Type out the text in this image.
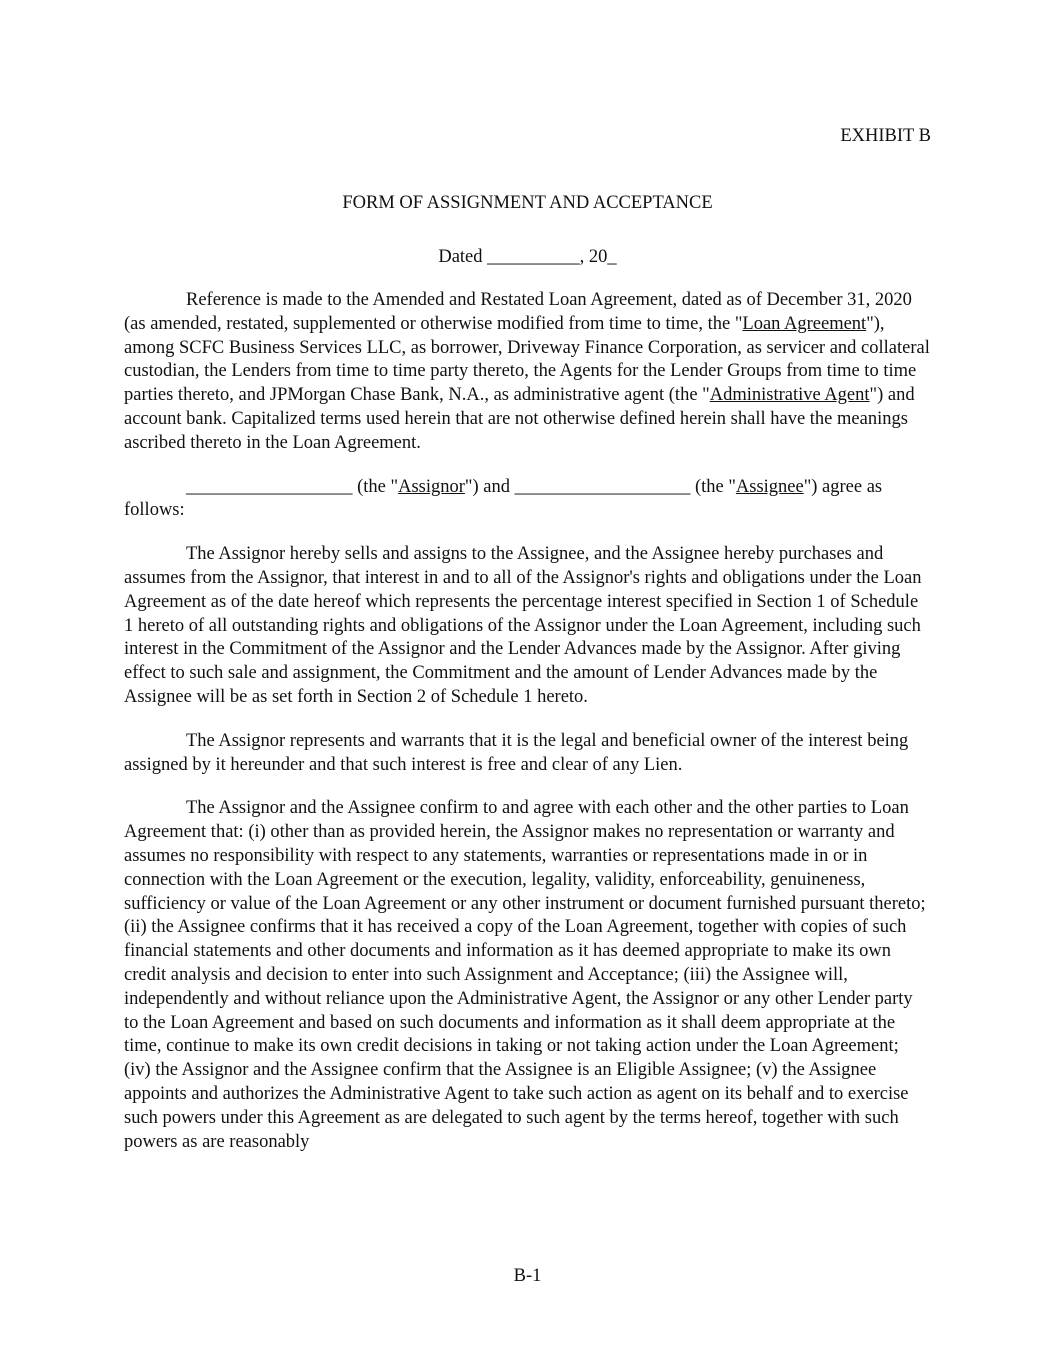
EXHIBIT B

FORM OF ASSIGNMENT AND ACCEPTANCE

Dated __________, 20_

Reference is made to the Amended and Restated Loan Agreement, dated as of December 31, 2020 (as amended, restated, supplemented or otherwise modified from time to time, the "Loan Agreement"), among SCFC Business Services LLC, as borrower, Driveway Finance Corporation, as servicer and collateral custodian, the Lenders from time to time party thereto, the Agents for the Lender Groups from time to time parties thereto, and JPMorgan Chase Bank, N.A., as administrative agent (the "Administrative Agent") and account bank. Capitalized terms used herein that are not otherwise defined herein shall have the meanings ascribed thereto in the Loan Agreement.

__________________ (the "Assignor") and ___________________ (the "Assignee") agree as follows:

The Assignor hereby sells and assigns to the Assignee, and the Assignee hereby purchases and assumes from the Assignor, that interest in and to all of the Assignor's rights and obligations under the Loan Agreement as of the date hereof which represents the percentage interest specified in Section 1 of Schedule 1 hereto of all outstanding rights and obligations of the Assignor under the Loan Agreement, including such interest in the Commitment of the Assignor and the Lender Advances made by the Assignor. After giving effect to such sale and assignment, the Commitment and the amount of Lender Advances made by the Assignee will be as set forth in Section 2 of Schedule 1 hereto.

The Assignor represents and warrants that it is the legal and beneficial owner of the interest being assigned by it hereunder and that such interest is free and clear of any Lien.

The Assignor and the Assignee confirm to and agree with each other and the other parties to Loan Agreement that: (i) other than as provided herein, the Assignor makes no representation or warranty and assumes no responsibility with respect to any statements, warranties or representations made in or in connection with the Loan Agreement or the execution, legality, validity, enforceability, genuineness, sufficiency or value of the Loan Agreement or any other instrument or document furnished pursuant thereto; (ii) the Assignee confirms that it has received a copy of the Loan Agreement, together with copies of such financial statements and other documents and information as it has deemed appropriate to make its own credit analysis and decision to enter into such Assignment and Acceptance; (iii) the Assignee will, independently and without reliance upon the Administrative Agent, the Assignor or any other Lender party to the Loan Agreement and based on such documents and information as it shall deem appropriate at the time, continue to make its own credit decisions in taking or not taking action under the Loan Agreement; (iv) the Assignor and the Assignee confirm that the Assignee is an Eligible Assignee; (v) the Assignee appoints and authorizes the Administrative Agent to take such action as agent on its behalf and to exercise such powers under this Agreement as are delegated to such agent by the terms hereof, together with such powers as are reasonably

B-1
